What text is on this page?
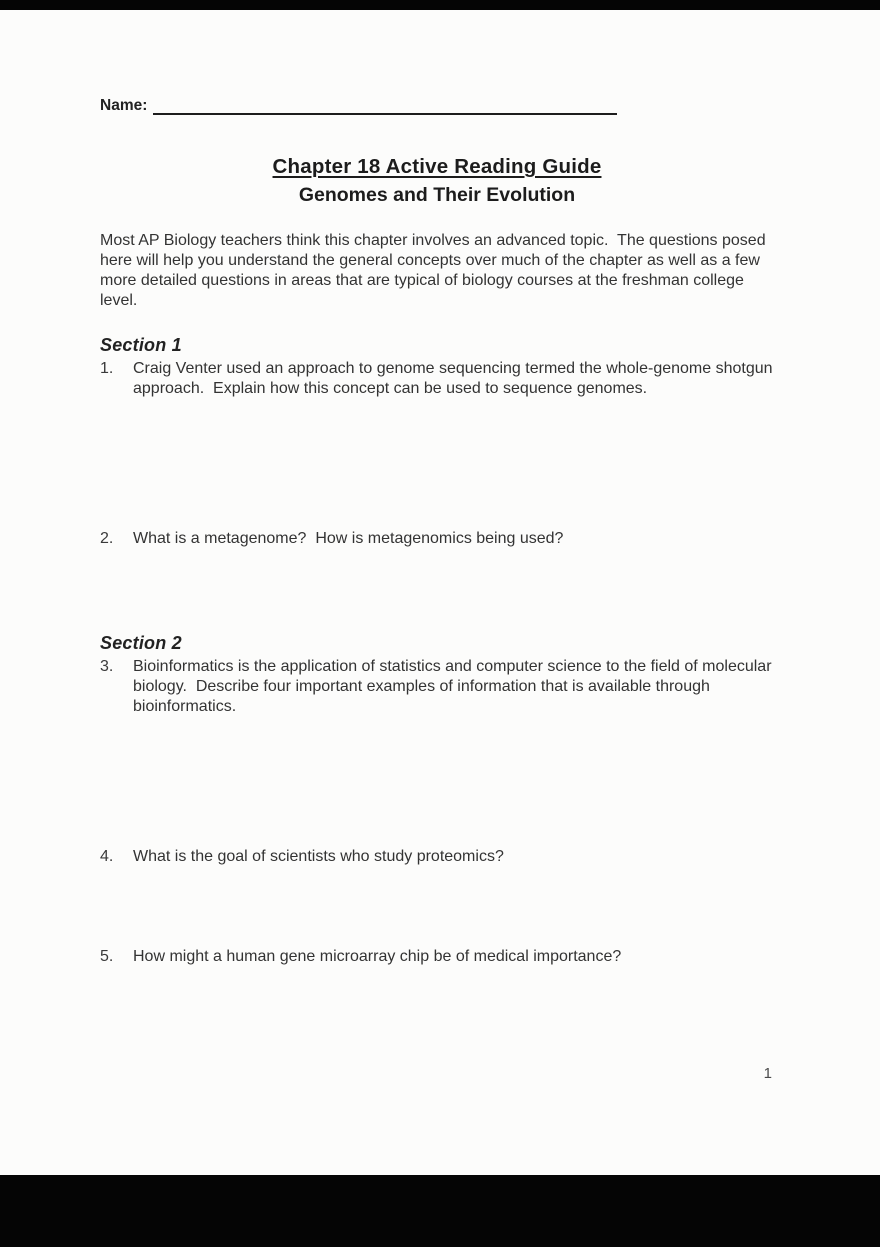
Name:
Chapter 18 Active Reading Guide
Genomes and Their Evolution

Most AP Biology teachers think this chapter involves an advanced topic.  The questions posed here will help you understand the general concepts over much of the chapter as well as a few more detailed questions in areas that are typical of biology courses at the freshman college level.

Section 1
1.	Craig Venter used an approach to genome sequencing termed the whole-genome shotgun approach.  Explain how this concept can be used to sequence genomes.
2.	What is a metagenome?  How is metagenomics being used?
Section 2
3.	Bioinformatics is the application of statistics and computer science to the field of molecular biology.  Describe four important examples of information that is available through bioinformatics.
4.	What is the goal of scientists who study proteomics?
5.	How might a human gene microarray chip be of medical importance?
1
